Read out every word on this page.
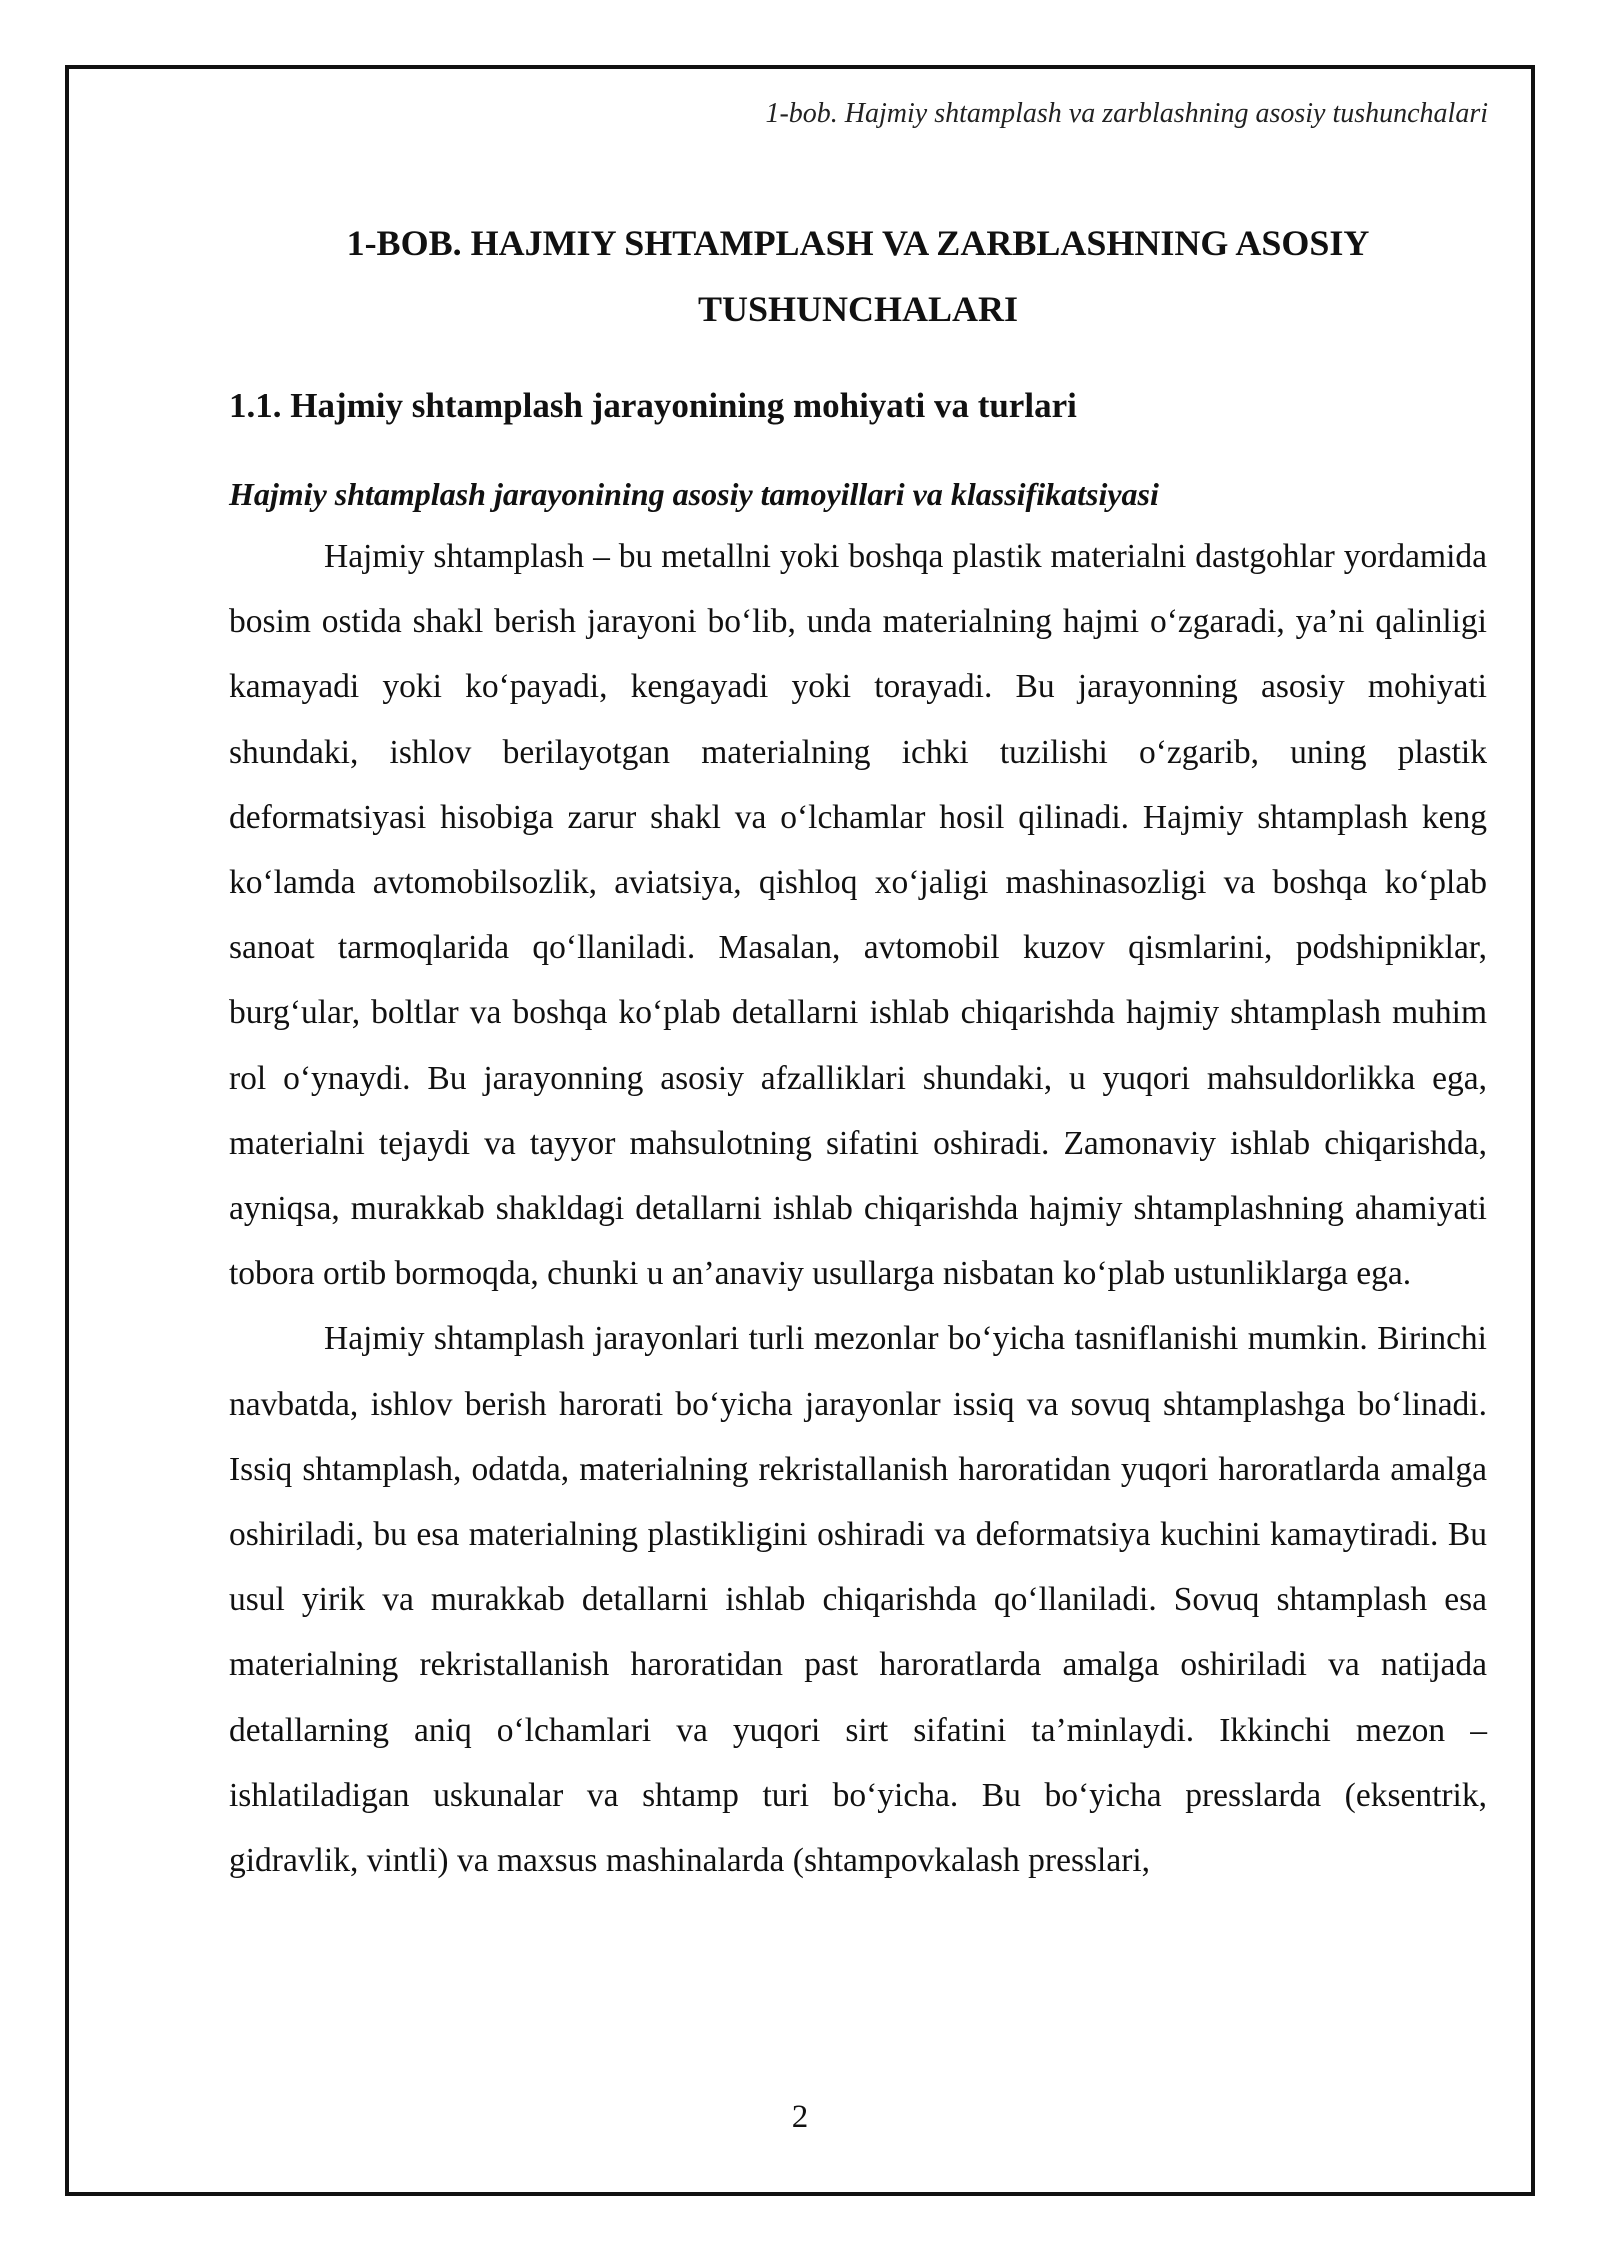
1-bob. Hajmiy shtamplash va zarblashning asosiy tushunchalari
1-BOB. HAJMIY SHTAMPLASH VA ZARBLASHNING ASOSIY TUSHUNCHALARI
1.1. Hajmiy shtamplash jarayonining mohiyati va turlari
Hajmiy shtamplash jarayonining asosiy tamoyillari va klassifikatsiyasi

Hajmiy shtamplash – bu metallni yoki boshqa plastik materialni dastgohlar yordamida bosim ostida shakl berish jarayoni bo‘lib, unda materialning hajmi o‘zgaradi, ya’ni qalinligi kamayadi yoki ko‘payadi, kengayadi yoki torayadi. Bu jarayonning asosiy mohiyati shundaki, ishlov berilayotgan materialning ichki tuzilishi o‘zgarib, uning plastik deformatsiyasi hisobiga zarur shakl va o‘lchamlar hosil qilinadi. Hajmiy shtamplash keng ko‘lamda avtomobilsozlik, aviatsiya, qishloq xo‘jaligi mashinasozligi va boshqa ko‘plab sanoat tarmoqlarida qo‘llaniladi. Masalan, avtomobil kuzov qismlarini, podshipniklar, burg‘ular, boltlar va boshqa ko‘plab detallarni ishlab chiqarishda hajmiy shtamplash muhim rol o‘ynaydi. Bu jarayonning asosiy afzalliklari shundaki, u yuqori mahsuldorlikka ega, materialni tejaydi va tayyor mahsulotning sifatini oshiradi. Zamonaviy ishlab chiqarishda, ayniqsa, murakkab shakldagi detallarni ishlab chiqarishda hajmiy shtamplashning ahamiyati tobora ortib bormoqda, chunki u an’anaviy usullarga nisbatan ko‘plab ustunliklarga ega.

Hajmiy shtamplash jarayonlari turli mezonlar bo‘yicha tasniflanishi mumkin. Birinchi navbatda, ishlov berish harorati bo‘yicha jarayonlar issiq va sovuq shtamplashga bo‘linadi. Issiq shtamplash, odatda, materialning rekristallanish haroratidan yuqori haroratlarda amalga oshiriladi, bu esa materialning plastikligini oshiradi va deformatsiya kuchini kamaytiradi. Bu usul yirik va murakkab detallarni ishlab chiqarishda qo‘llaniladi. Sovuq shtamplash esa materialning rekristallanish haroratidan past haroratlarda amalga oshiriladi va natijada detallarning aniq o‘lchamlari va yuqori sirt sifatini ta’minlaydi. Ikkinchi mezon – ishlatiladigan uskunalar va shtamp turi bo‘yicha. Bu bo‘yicha presslarda (eksentrik, gidravlik, vintli) va maxsus mashinalarda (shtampovkalash presslari,

2
